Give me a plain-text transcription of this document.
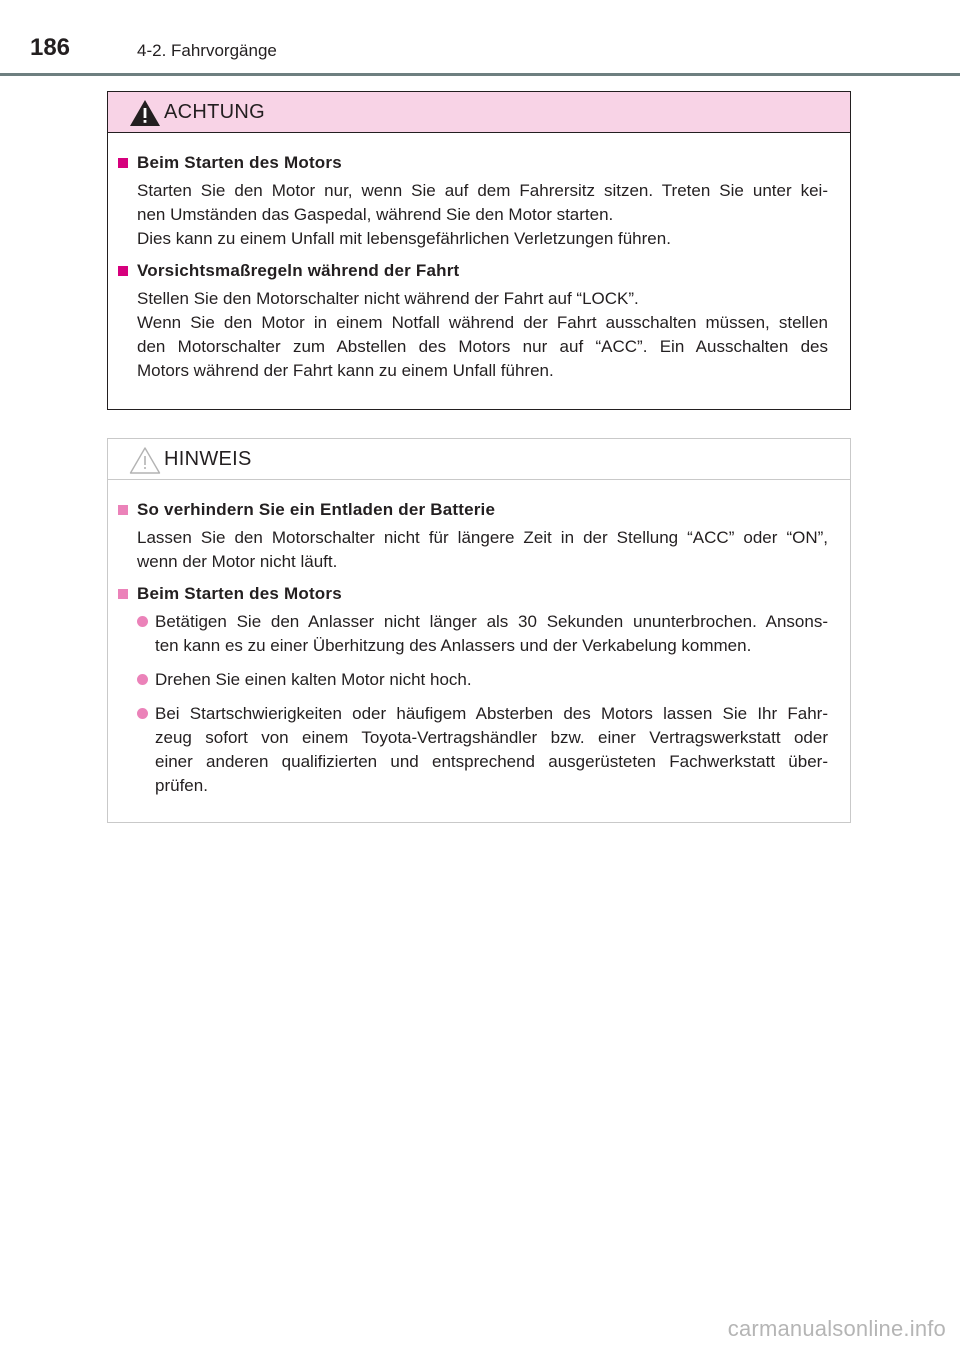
186	4-2. Fahrvorgänge
ACHTUNG
Beim Starten des Motors
Starten Sie den Motor nur, wenn Sie auf dem Fahrersitz sitzen. Treten Sie unter kei-
nen Umständen das Gaspedal, während Sie den Motor starten.
Dies kann zu einem Unfall mit lebensgefährlichen Verletzungen führen.
Vorsichtsmaßregeln während der Fahrt
Stellen Sie den Motorschalter nicht während der Fahrt auf “LOCK”.
Wenn Sie den Motor in einem Notfall während der Fahrt ausschalten müssen, stellen
den Motorschalter zum Abstellen des Motors nur auf “ACC”. Ein Ausschalten des
Motors während der Fahrt kann zu einem Unfall führen.
HINWEIS
So verhindern Sie ein Entladen der Batterie
Lassen Sie den Motorschalter nicht für längere Zeit in der Stellung “ACC” oder “ON”,
wenn der Motor nicht läuft.
Beim Starten des Motors
Betätigen Sie den Anlasser nicht länger als 30 Sekunden ununterbrochen. Ansons-
ten kann es zu einer Überhitzung des Anlassers und der Verkabelung kommen.
Drehen Sie einen kalten Motor nicht hoch.
Bei Startschwierigkeiten oder häufigem Absterben des Motors lassen Sie Ihr Fahr-
zeug sofort von einem Toyota-Vertragshändler bzw. einer Vertragswerkstatt oder
einer anderen qualifizierten und entsprechend ausgerüsteten Fachwerkstatt über-
prüfen.
carmanualsonline.info
